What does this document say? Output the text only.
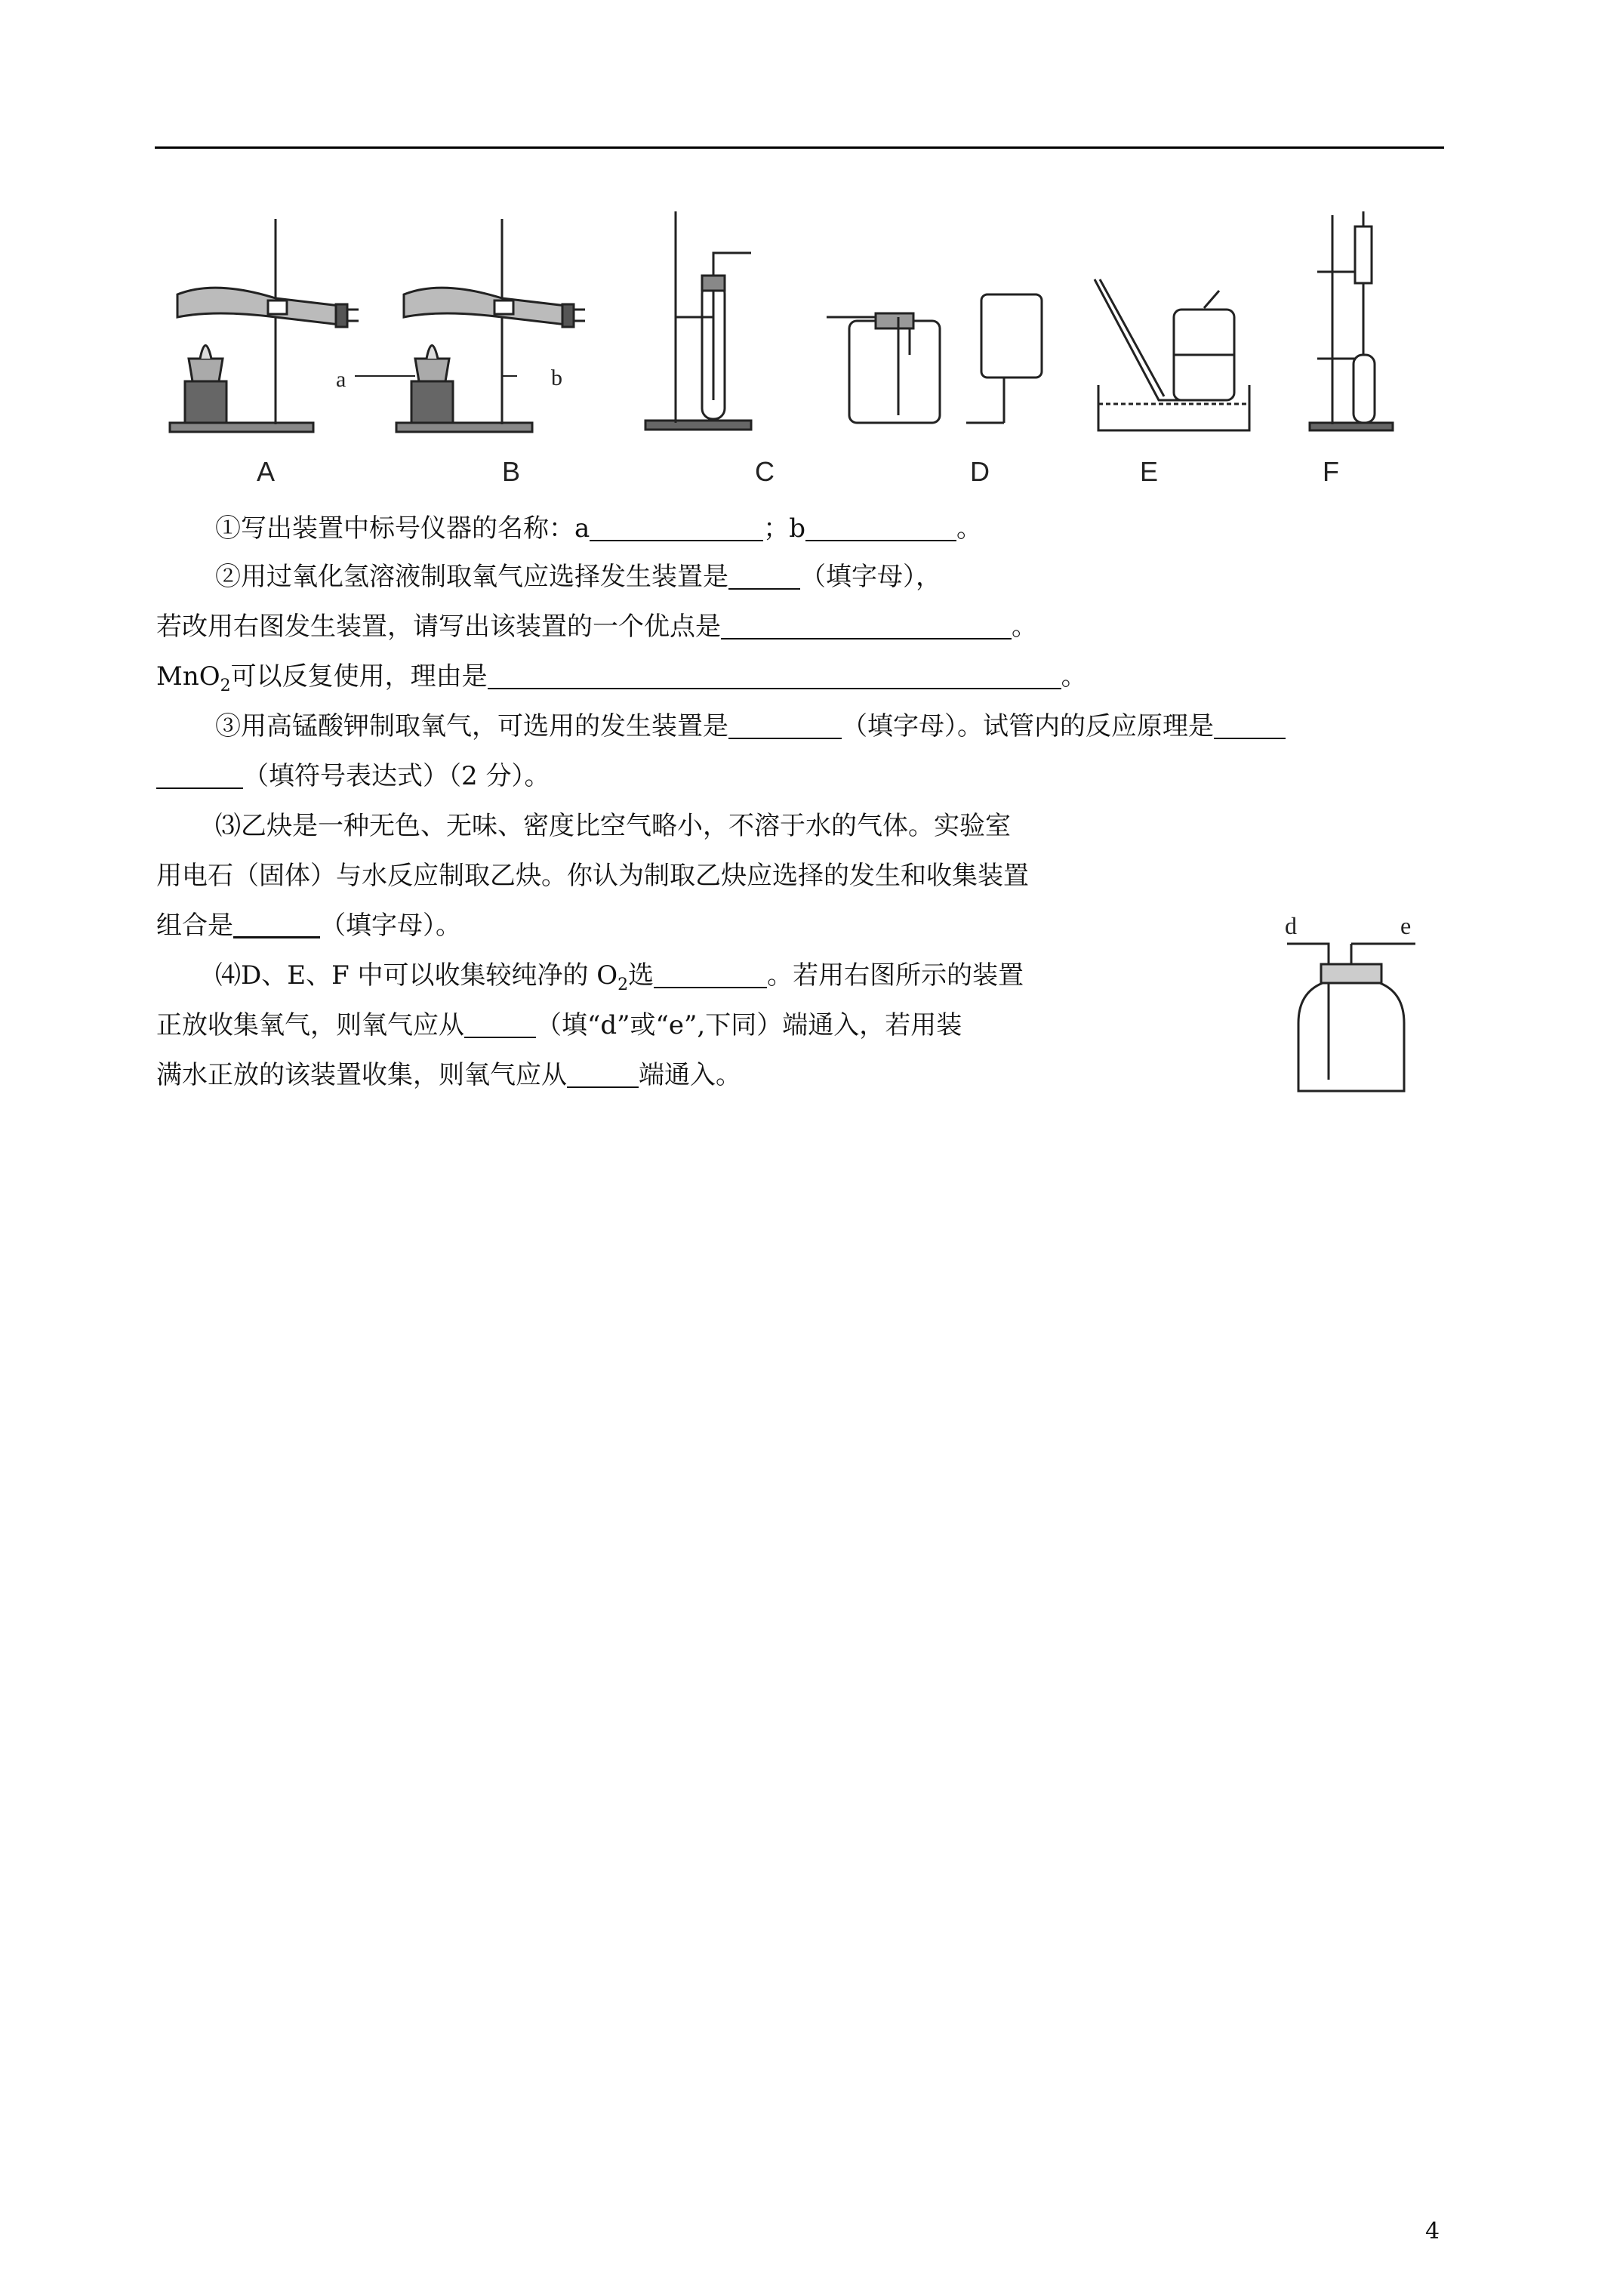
a	b
A	B	C	D	E	F
①写出装置中标号仪器的名称：a	；b	。
②用过氧化氢溶液制取氧气应选择发生装置是	（填字母），
若改用右图发生装置，请写出该装置的一个优点是	。
MnO$_2$可以反复使用，理由是	。
③用高锰酸钾制取氧气，可选用的发生装置是	（填字母）。试管内的反应原理是
（填符号表达式）（2 分）。
⑶乙炔是一种无色、无味、密度比空气略小，不溶于水的气体。实验室
用电石（固体）与水反应制取乙炔。你认为制取乙炔应选择的发生和收集装置
组合是	（填字母）。
⑷D、E、F 中可以收集较纯净的 $O_2$选	。若用右图所示的装置
正放收集氧气，则氧气应从	（填“d”或“e”,下同）端通入，若用装
满水正放的该装置收集，则氧气应从	端通入。
d	e
4
